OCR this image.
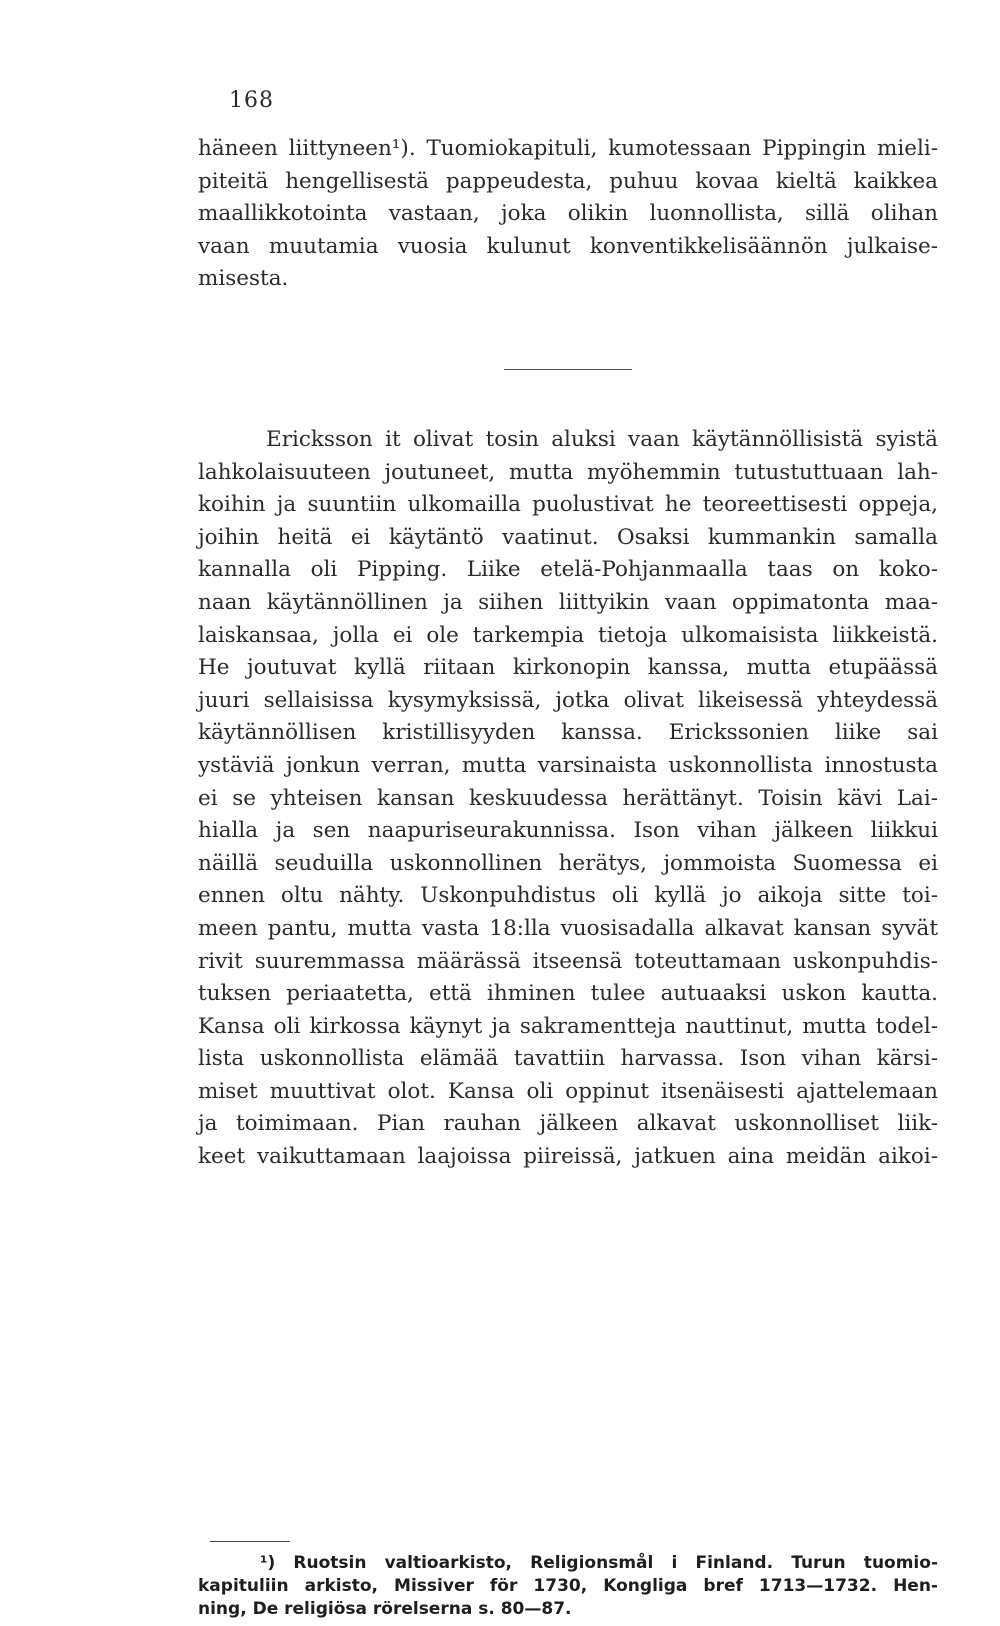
168
häneen liittyneen¹). Tuomiokapituli, kumotessaan Pippingin mieli-
piteitä hengellisestä pappeudesta, puhuu kovaa kieltä kaikkea
maallikkotointa vastaan, joka olikin luonnollista, sillä olihan
vaan muutamia vuosia kulunut konventikkelisäännön julkaise-
misesta.
Ericksson it olivat tosin aluksi vaan käytännöllisistä syistä
lahkolaisuuteen joutuneet, mutta myöhemmin tutustuttuaan lah-
koihin ja suuntiin ulkomailla puolustivat he teoreettisesti oppeja,
joihin heitä ei käytäntö vaatinut. Osaksi kummankin samalla
kannalla oli Pipping. Liike etelä-Pohjanmaalla taas on koko-
naan käytännöllinen ja siihen liittyikin vaan oppimatonta maa-
laiskansaa, jolla ei ole tarkempia tietoja ulkomaisista liikkeistä.
He joutuvat kyllä riitaan kirkonopin kanssa, mutta etupäässä
juuri sellaisissa kysymyksissä, jotka olivat likeisessä yhteydessä
käytännöllisen kristillisyyden kanssa. Erickssonien liike sai
ystäviä jonkun verran, mutta varsinaista uskonnollista innostusta
ei se yhteisen kansan keskuudessa herättänyt. Toisin kävi Lai-
hialla ja sen naapuriseurakunnissa. Ison vihan jälkeen liikkui
näillä seuduilla uskonnollinen herätys, jommoista Suomessa ei
ennen oltu nähty. Uskonpuhdistus oli kyllä jo aikoja sitte toi-
meen pantu, mutta vasta 18:lla vuosisadalla alkavat kansan syvät
rivit suuremmassa määrässä itseensä toteuttamaan uskonpuhdis-
tuksen periaatetta, että ihminen tulee autuaaksi uskon kautta.
Kansa oli kirkossa käynyt ja sakramentteja nauttinut, mutta todel-
lista uskonnollista elämää tavattiin harvassa. Ison vihan kärsi-
miset muuttivat olot. Kansa oli oppinut itsenäisesti ajattelemaan
ja toimimaan. Pian rauhan jälkeen alkavat uskonnolliset liik-
keet vaikuttamaan laajoissa piireissä, jatkuen aina meidän aikoi-
¹) Ruotsin valtioarkisto, Religionsmål i Finland. Turun tuomio-
kapituliin arkisto, Missiver för 1730, Kongliga bref 1713—1732. Hen-
ning, De religiösa rörelserna s. 80—87.
